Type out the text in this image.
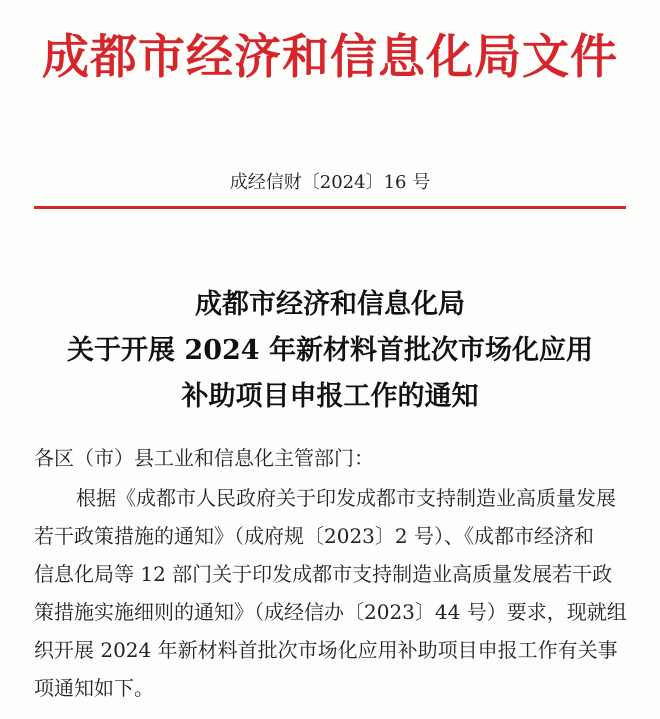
成都市经济和信息化局文件
成经信财〔2024〕16 号
成都市经济和信息化局
关于开展 2024 年新材料首批次市场化应用
补助项目申报工作的通知
各区（市）县工业和信息化主管部门：
根据《成都市人民政府关于印发成都市支持制造业高质量发展
若干政策措施的通知》（成府规〔2023〕2 号）、《成都市经济和
信息化局等 12 部门关于印发成都市支持制造业高质量发展若干政
策措施实施细则的通知》（成经信办〔2023〕44 号）要求，现就组
织开展 2024 年新材料首批次市场化应用补助项目申报工作有关事
项通知如下。
